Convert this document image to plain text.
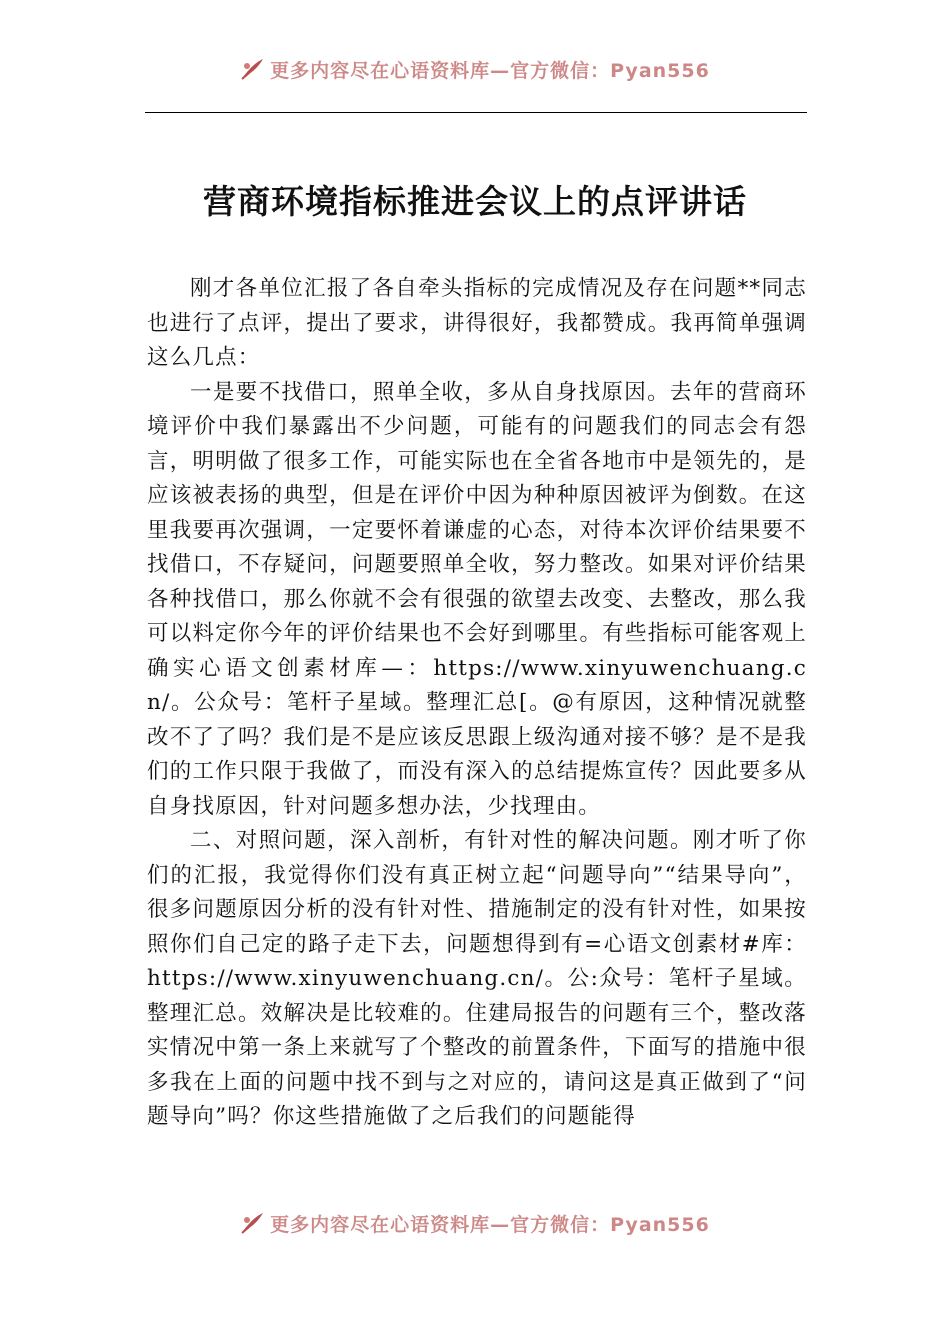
更多内容尽在心语资料库—官方微信：Pyan556
营商环境指标推进会议上的点评讲话

刚才各单位汇报了各自牵头指标的完成情况及存在问题**同志也进行了点评，提出了要求，讲得很好，我都赞成。我再简单强调这么几点：

一是要不找借口，照单全收，多从自身找原因。去年的营商环境评价中我们暴露出不少问题，可能有的问题我们的同志会有怨言，明明做了很多工作，可能实际也在全省各地市中是领先的，是应该被表扬的典型，但是在评价中因为种种原因被评为倒数。在这里我要再次强调，一定要怀着谦虚的心态，对待本次评价结果要不找借口，不存疑问，问题要照单全收，努力整改。如果对评价结果各种找借口，那么你就不会有很强的欲望去改变、去整改，那么我可以料定你今年的评价结果也不会好到哪里。有些指标可能客观上确实心语文创素材库—：https://www.xinyuwenchuang.cn/。公众号：笔杆子星域。整理汇总[。@有原因，这种情况就整改不了了吗？我们是不是应该反思跟上级沟通对接不够？是不是我们的工作只限于我做了，而没有深入的总结提炼宣传？因此要多从自身找原因，针对问题多想办法，少找理由。

二、对照问题，深入剖析，有针对性的解决问题。刚才听了你们的汇报，我觉得你们没有真正树立起“问题导向”“结果导向”，很多问题原因分析的没有针对性、措施制定的没有针对性，如果按照你们自己定的路子走下去，问题想得到有=心语文创素材#库：https://www.xinyuwenchuang.cn/。公:众号：笔杆子星域。整理汇总。效解决是比较难的。住建局报告的问题有三个，整改落实情况中第一条上来就写了个整改的前置条件，下面写的措施中很多我在上面的问题中找不到与之对应的，请问这是真正做到了“问题导向”吗？你这些措施做了之后我们的问题能得

更多内容尽在心语资料库—官方微信：Pyan556
